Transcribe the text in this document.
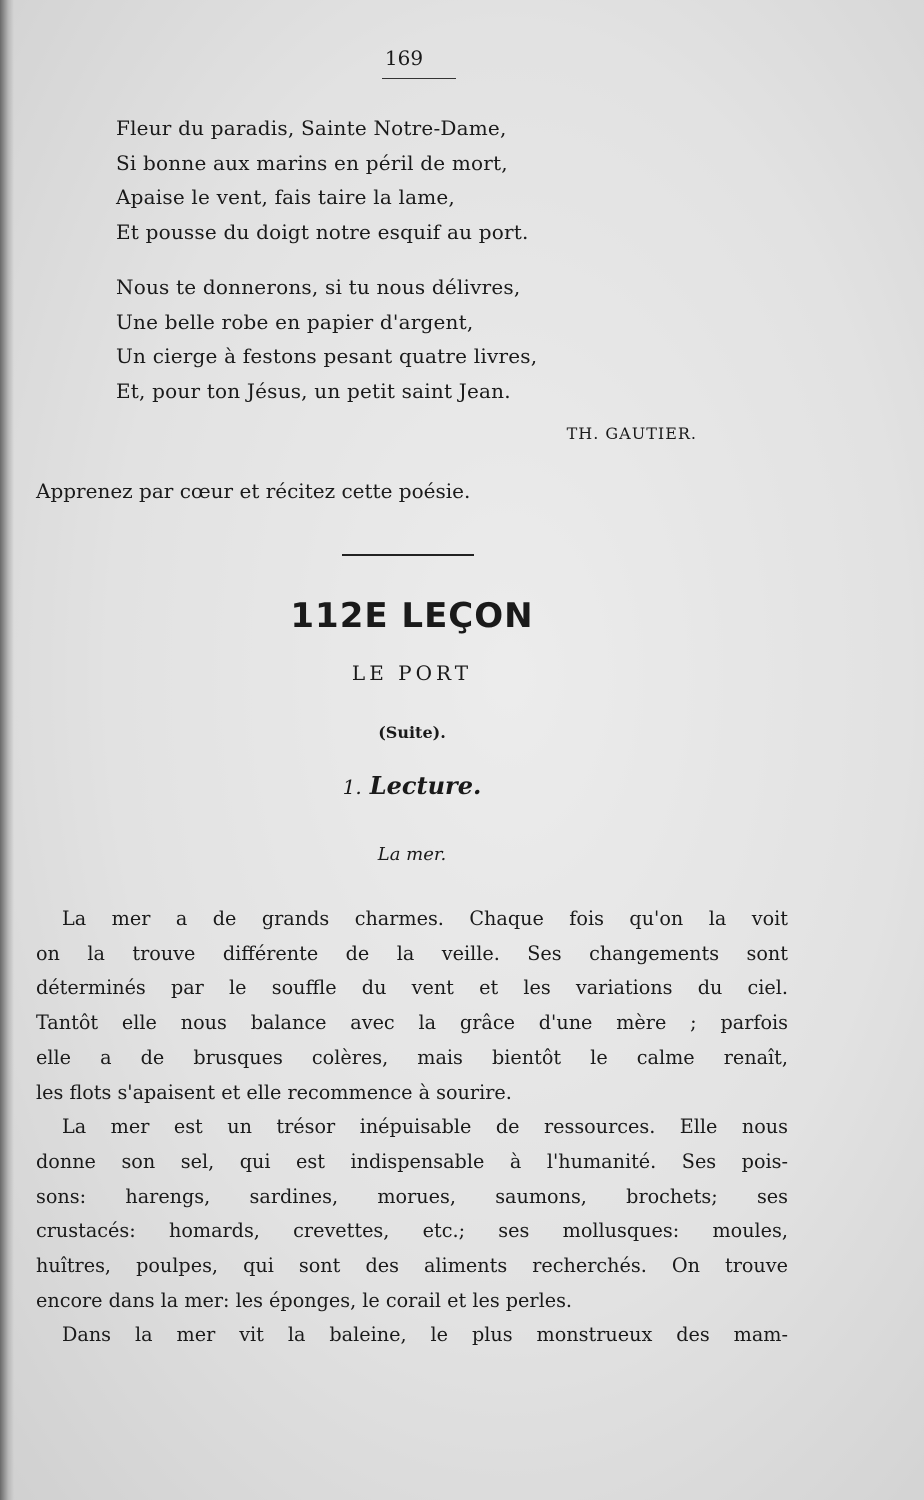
169
Fleur du paradis, Sainte Notre-Dame,
Si bonne aux marins en péril de mort,
Apaise le vent, fais taire la lame,
Et pousse du doigt notre esquif au port.
Nous te donnerons, si tu nous délivres,
Une belle robe en papier d'argent,
Un cierge à festons pesant quatre livres,
Et, pour ton Jésus, un petit saint Jean.
TH. GAUTIER.
Apprenez par cœur et récitez cette poésie.
112E LEÇON
LE PORT
(Suite).
1. Lecture.
La mer.
La mer a de grands charmes. Chaque fois qu'on la voit
on la trouve différente de la veille. Ses changements sont
déterminés par le souffle du vent et les variations du ciel.
Tantôt elle nous balance avec la grâce d'une mère ; parfois
elle a de brusques colères, mais bientôt le calme renaît,
les flots s'apaisent et elle recommence à sourire.
La mer est un trésor inépuisable de ressources. Elle nous
donne son sel, qui est indispensable à l'humanité. Ses pois-
sons: harengs, sardines, morues, saumons, brochets; ses
crustacés: homards, crevettes, etc.; ses mollusques: moules,
huîtres, poulpes, qui sont des aliments recherchés. On trouve
encore dans la mer: les éponges, le corail et les perles.
Dans la mer vit la baleine, le plus monstrueux des mam-
